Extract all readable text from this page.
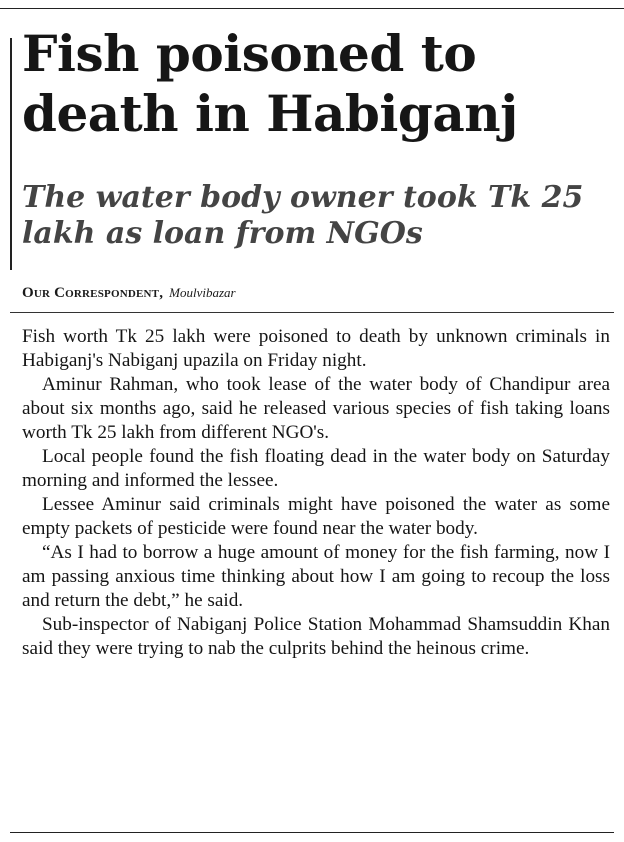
Fish poisoned to death in Habiganj
The water body owner took Tk 25 lakh as loan from NGOs
Our Correspondent, Moulvibazar

Fish worth Tk 25 lakh were poisoned to death by unknown criminals in Habiganj's Nabiganj upazila on Friday night.

Aminur Rahman, who took lease of the water body of Chandipur area about six months ago, said he released various species of fish taking loans worth Tk 25 lakh from different NGO's.

Local people found the fish floating dead in the water body on Saturday morning and informed the lessee.

Lessee Aminur said criminals might have poisoned the water as some empty packets of pesticide were found near the water body.

“As I had to borrow a huge amount of money for the fish farming, now I am passing anxious time thinking about how I am going to recoup the loss and return the debt,” he said.

Sub-inspector of Nabiganj Police Station Mohammad Shamsuddin Khan said they were trying to nab the culprits behind the heinous crime.
